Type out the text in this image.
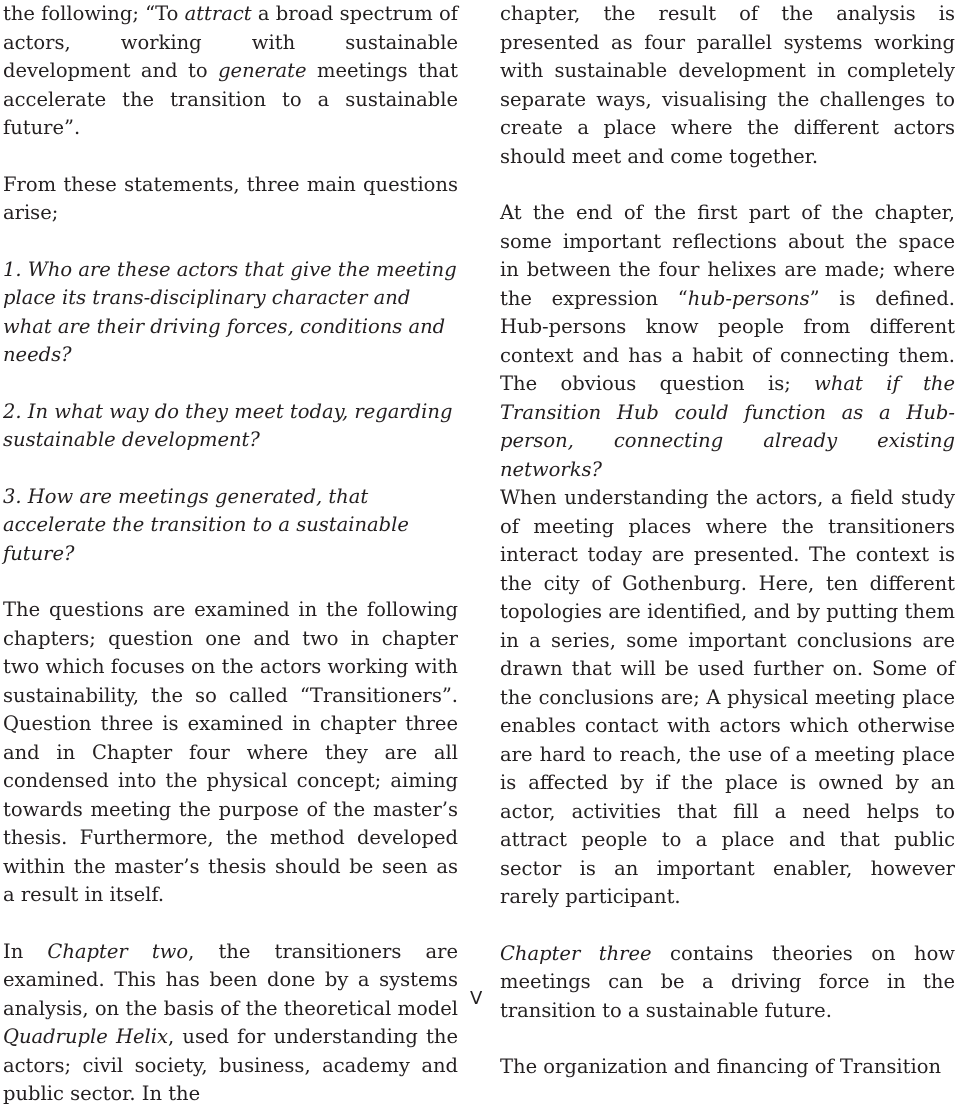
the following; “To attract a broad spectrum of actors, working with sustainable development and to generate meetings that accelerate the transition to a sustainable future”.

From these statements, three main questions arise;

1. Who are these actors that give the meeting place its trans-disciplinary character and what are their driving forces, conditions and needs?

2. In what way do they meet today, regarding sustainable development?

3. How are meetings generated, that accelerate the transition to a sustainable future?

The questions are examined in the following chapters; question one and two in chapter two which focuses on the actors working with sustainability, the so called “Transitioners”. Question three is examined in chapter three and in Chapter four where they are all condensed into the physical concept; aiming towards meeting the purpose of the master’s thesis. Furthermore, the method developed within the master’s thesis should be seen as a result in itself.

In Chapter two, the transitioners are examined. This has been done by a systems analysis, on the basis of the theoretical model Quadruple Helix, used for understanding the actors; civil society, business, academy and public sector. In the

chapter, the result of the analysis is presented as four parallel systems working with sustainable development in completely separate ways, visualising the challenges to create a place where the different actors should meet and come together.

At the end of the first part of the chapter, some important reflections about the space in between the four helixes are made; where the expression “hub-persons” is defined. Hub-persons know people from different context and has a habit of connecting them. The obvious question is; what if the Transition Hub could function as a Hub-person, connecting already existing networks?

When understanding the actors, a field study of meeting places where the transitioners interact today are presented. The context is the city of Gothenburg. Here, ten different topologies are identified, and by putting them in a series, some important conclusions are drawn that will be used further on. Some of the conclusions are; A physical meeting place enables contact with actors which otherwise are hard to reach, the use of a meeting place is affected by if the place is owned by an actor, activities that fill a need helps to attract people to a place and that public sector is an important enabler, however rarely participant.

Chapter three contains theories on how meetings can be a driving force in the transition to a sustainable future.

The organization and financing of Transition

V
